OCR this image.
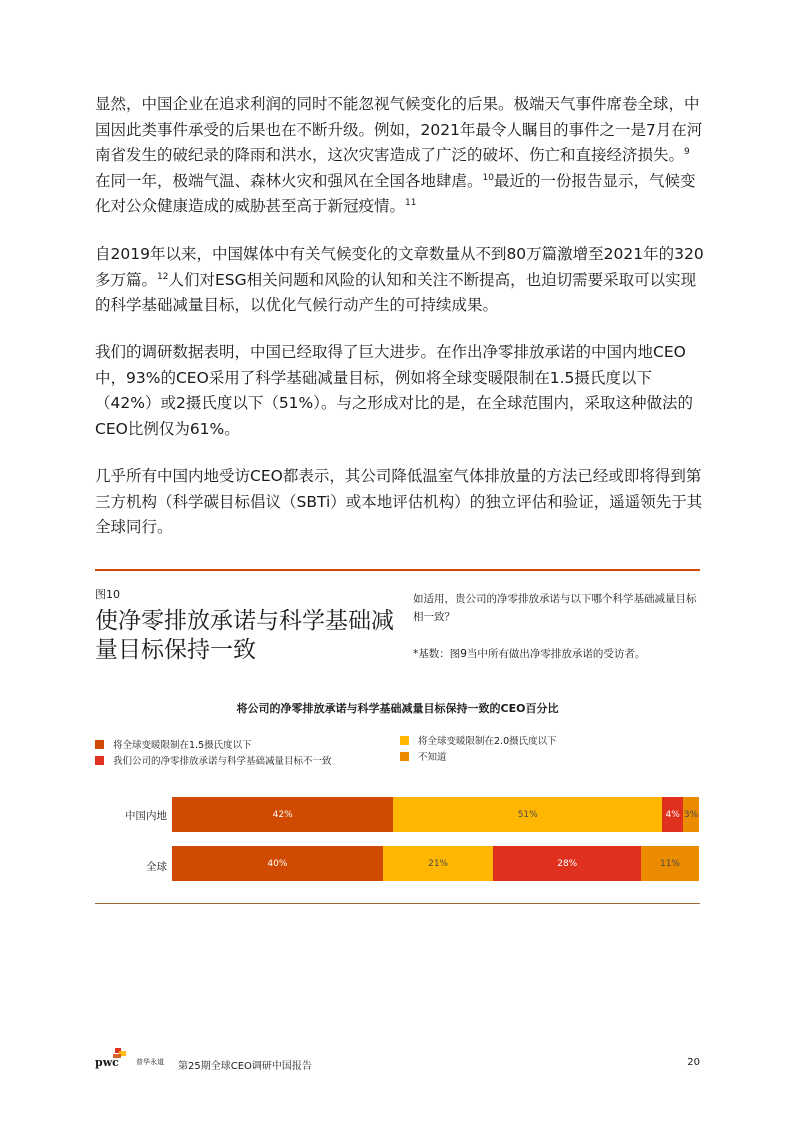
显然，中国企业在追求利润的同时不能忽视气候变化的后果。极端天气事件席卷全球，中国因此类事件承受的后果也在不断升级。例如，2021年最令人瞩目的事件之一是7月在河南省发生的破纪录的降雨和洪水，这次灾害造成了广泛的破坏、伤亡和直接经济损失。$^9$在同一年，极端气温、森林火灾和强风在全国各地肆虐。$^{10}$最近的一份报告显示，气候变化对公众健康造成的威胁甚至高于新冠疫情。$^{11}$

自2019年以来，中国媒体中有关气候变化的文章数量从不到80万篇激增至2021年的320多万篇。$^{12}$人们对ESG相关问题和风险的认知和关注不断提高，也迫切需要采取可以实现的科学基础减量目标，以优化气候行动产生的可持续成果。

我们的调研数据表明，中国已经取得了巨大进步。在作出净零排放承诺的中国内地CEO中，93%的CEO采用了科学基础减量目标，例如将全球变暖限制在1.5摄氏度以下（42%）或2摄氏度以下（51%）。与之形成对比的是，在全球范围内，采取这种做法的CEO比例仅为61%。

几乎所有中国内地受访CEO都表示，其公司降低温室气体排放量的方法已经或即将得到第三方机构（科学碳目标倡议（SBTi）或本地评估机构）的独立评估和验证，遥遥领先于其全球同行。

图10
使净零排放承诺与科学基础减量目标保持一致
如适用，贵公司的净零排放承诺与以下哪个科学基础减量目标相一致？
*基数：图9当中所有做出净零排放承诺的受访者。
将公司的净零排放承诺与科学基础减量目标保持一致的CEO百分比
将全球变暖限制在1.5摄氏度以下
我们公司的净零排放承诺与科学基础减量目标不一致
将全球变暖限制在2.0摄氏度以下
不知道
中国内地	42%	51%	4% 3%
全球	40%	21%	28%	11%
pwc 普华永道 第25期全球CEO调研中国报告	20
